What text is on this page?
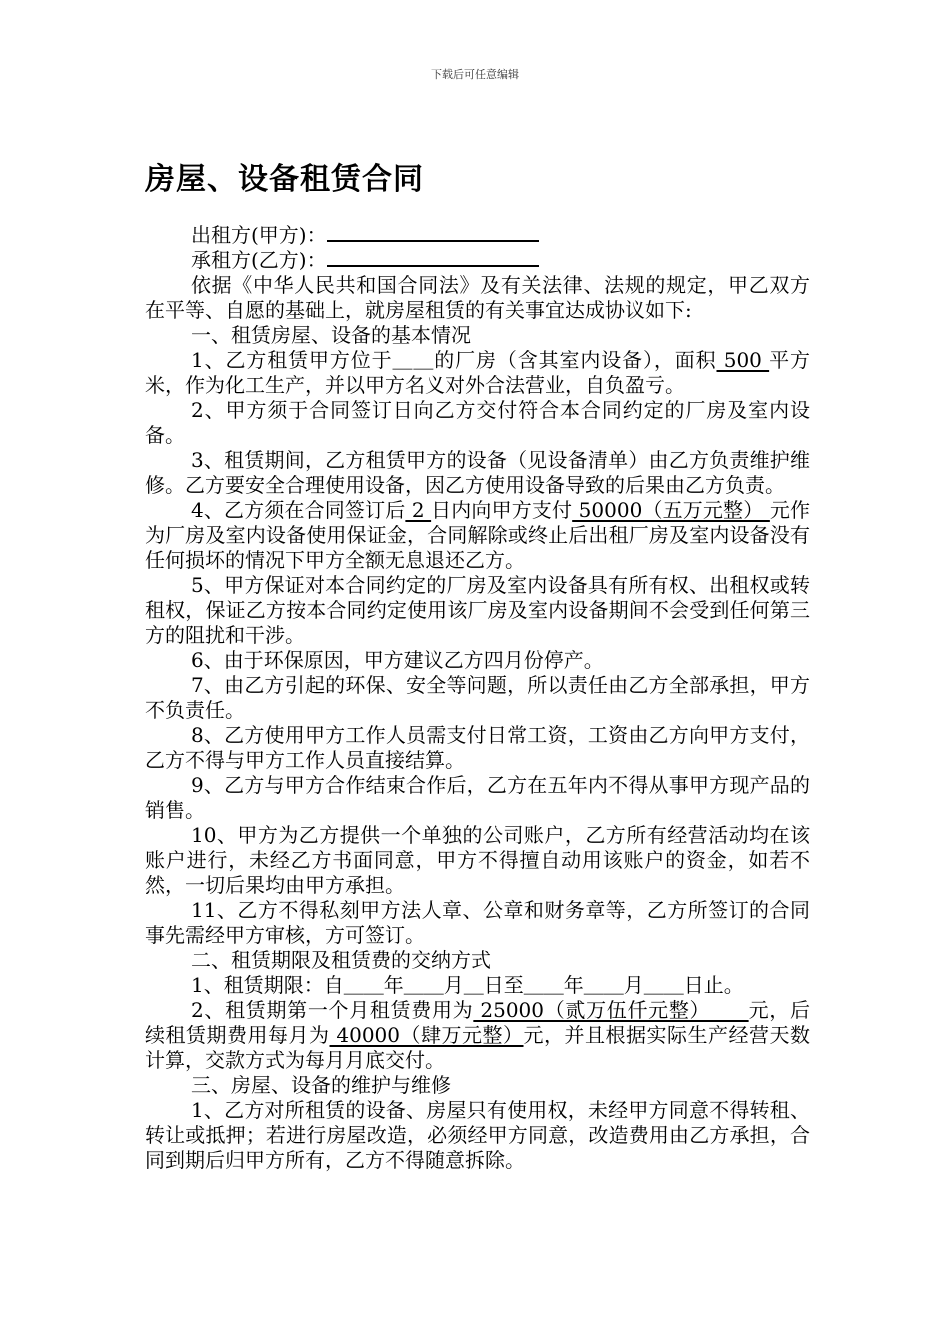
下载后可任意编辑
房屋、设备租赁合同

出租方(甲方)：

承租方(乙方)：

依据《中华人民共和国合同法》及有关法律、法规的规定，甲乙双方在平等、自愿的基础上，就房屋租赁的有关事宜达成协议如下:

一、租赁房屋、设备的基本情况

1、乙方租赁甲方位于＿＿的厂房（含其室内设备），面积 500 平方米，作为化工生产，并以甲方名义对外合法营业，自负盈亏。

2、甲方须于合同签订日向乙方交付符合本合同约定的厂房及室内设备。

3、租赁期间，乙方租赁甲方的设备（见设备清单）由乙方负责维护维修。乙方要安全合理使用设备，因乙方使用设备导致的后果由乙方负责。

4、乙方须在合同签订后 2 日内向甲方支付 50000（五万元整） 元作为厂房及室内设备使用保证金，合同解除或终止后出租厂房及室内设备没有任何损坏的情况下甲方全额无息退还乙方。

5、甲方保证对本合同约定的厂房及室内设备具有所有权、出租权或转租权，保证乙方按本合同约定使用该厂房及室内设备期间不会受到任何第三方的阻扰和干涉。

6、由于环保原因，甲方建议乙方四月份停产。

7、由乙方引起的环保、安全等问题，所以责任由乙方全部承担，甲方不负责任。

8、乙方使用甲方工作人员需支付日常工资，工资由乙方向甲方支付，乙方不得与甲方工作人员直接结算。

9、乙方与甲方合作结束合作后，乙方在五年内不得从事甲方现产品的销售。

10、甲方为乙方提供一个单独的公司账户，乙方所有经营活动均在该账户进行，未经乙方书面同意，甲方不得擅自动用该账户的资金，如若不然，一切后果均由甲方承担。

11、乙方不得私刻甲方法人章、公章和财务章等，乙方所签订的合同事先需经甲方审核，方可签订。

二、租赁期限及租赁费的交纳方式

1、租赁期限：自＿＿年＿＿月＿日至＿＿年＿＿月＿＿日止。

2、租赁期第一个月租赁费用为 25000（贰万伍仟元整）　　 元，后续租赁期费用每月为 40000（肆万元整）元，并且根据实际生产经营天数计算，交款方式为每月月底交付。

三、房屋、设备的维护与维修

1、乙方对所租赁的设备、房屋只有使用权，未经甲方同意不得转租、转让或抵押；若进行房屋改造，必须经甲方同意，改造费用由乙方承担，合同到期后归甲方所有，乙方不得随意拆除。
